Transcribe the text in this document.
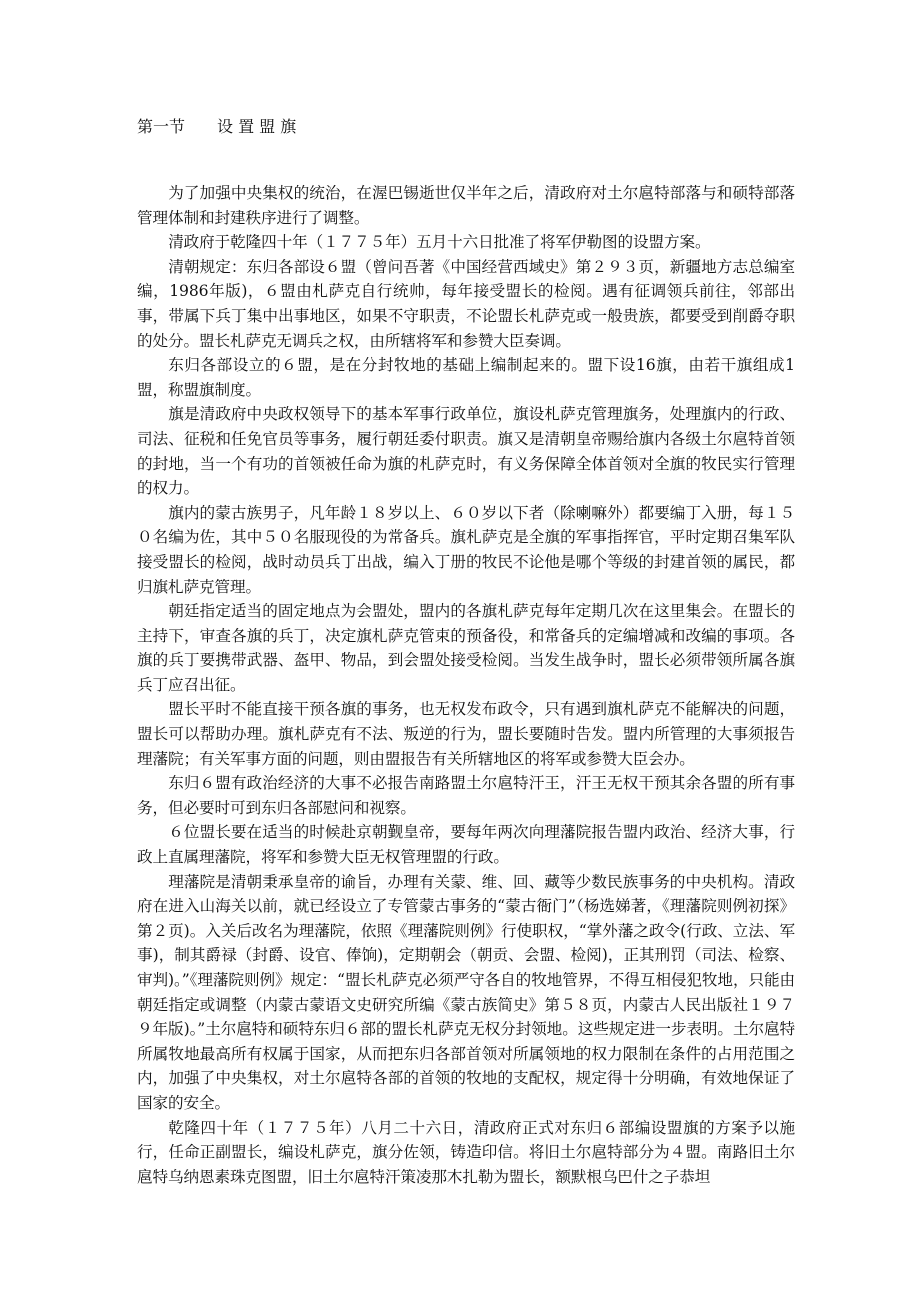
第一节　　设 置 盟 旗

为了加强中央集权的统治，在渥巴锡逝世仅半年之后，清政府对土尔扈特部落与和硕特部落管理体制和封建秩序进行了调整。

清政府于乾隆四十年（１７７５年）五月十六日批准了将军伊勒图的设盟方案。

清朝规定：东归各部设６盟（曾问吾著《中国经营西域史》第２９３页，新疆地方志总编室编，1986年版)，６盟由札萨克自行统帅，每年接受盟长的检阅。遇有征调领兵前往，邻部出事，带属下兵丁集中出事地区，如果不守职责，不论盟长札萨克或一般贵族，都要受到削爵夺职的处分。盟长札萨克无调兵之权，由所辖将军和参赞大臣奏调。

东归各部设立的６盟，是在分封牧地的基础上编制起来的。盟下设16旗，由若干旗组成1盟，称盟旗制度。

旗是清政府中央政权领导下的基本军事行政单位，旗设札萨克管理旗务，处理旗内的行政、司法、征税和任免官员等事务，履行朝廷委付职责。旗又是清朝皇帝赐给旗内各级土尔扈特首领的封地，当一个有功的首领被任命为旗的札萨克时，有义务保障全体首领对全旗的牧民实行管理的权力。

旗内的蒙古族男子，凡年龄１８岁以上、６０岁以下者（除喇嘛外）都要编丁入册，每１５０名编为佐，其中５０名服现役的为常备兵。旗札萨克是全旗的军事指挥官，平时定期召集军队接受盟长的检阅，战时动员兵丁出战，编入丁册的牧民不论他是哪个等级的封建首领的属民，都归旗札萨克管理。

朝廷指定适当的固定地点为会盟处，盟内的各旗札萨克每年定期几次在这里集会。在盟长的主持下，审查各旗的兵丁，决定旗札萨克管束的预备役，和常备兵的定编增减和改编的事项。各旗的兵丁要携带武器、盔甲、物品，到会盟处接受检阅。当发生战争时，盟长必须带领所属各旗兵丁应召出征。

盟长平时不能直接干预各旗的事务，也无权发布政令，只有遇到旗札萨克不能解决的问题，盟长可以帮助办理。旗札萨克有不法、叛逆的行为，盟长要随时告发。盟内所管理的大事须报告理藩院；有关军事方面的问题，则由盟报告有关所辖地区的将军或参赞大臣会办。

东归６盟有政治经济的大事不必报告南路盟土尔扈特汗王，汗王无权干预其余各盟的所有事务，但必要时可到东归各部慰问和视察。

６位盟长要在适当的时候赴京朝觐皇帝，要每年两次向理藩院报告盟内政治、经济大事，行政上直属理藩院，将军和参赞大臣无权管理盟的行政。

理藩院是清朝秉承皇帝的谕旨，办理有关蒙、维、回、藏等少数民族事务的中央机构。清政府在进入山海关以前，就已经设立了专管蒙古事务的“蒙古衙门”（杨选娣著，《理藩院则例初探》第２页)。入关后改名为理藩院，依照《理藩院则例》行使职权，“掌外藩之政令(行政、立法、军事)，制其爵禄（封爵、设官、俸饷)，定期朝会（朝贡、会盟、检阅)，正其刑罚（司法、检察、审判)。”《理藩院则例》规定：“盟长札萨克必须严守各自的牧地管界，不得互相侵犯牧地，只能由朝廷指定或调整（内蒙古蒙语文史研究所编《蒙古族简史》第５８页，内蒙古人民出版社１９７９年版)。”土尔扈特和硕特东归６部的盟长札萨克无权分封领地。这些规定进一步表明。土尔扈特所属牧地最高所有权属于国家，从而把东归各部首领对所属领地的权力限制在条件的占用范围之内，加强了中央集权，对土尔扈特各部的首领的牧地的支配权，规定得十分明确，有效地保证了国家的安全。

乾隆四十年（１７７５年）八月二十六日，清政府正式对东归６部编设盟旗的方案予以施行，任命正副盟长，编设札萨克，旗分佐领，铸造印信。将旧土尔扈特部分为４盟。南路旧土尔扈特乌纳恩素珠克图盟，旧土尔扈特汗策凌那木扎勒为盟长，额默根乌巴什之子恭坦
